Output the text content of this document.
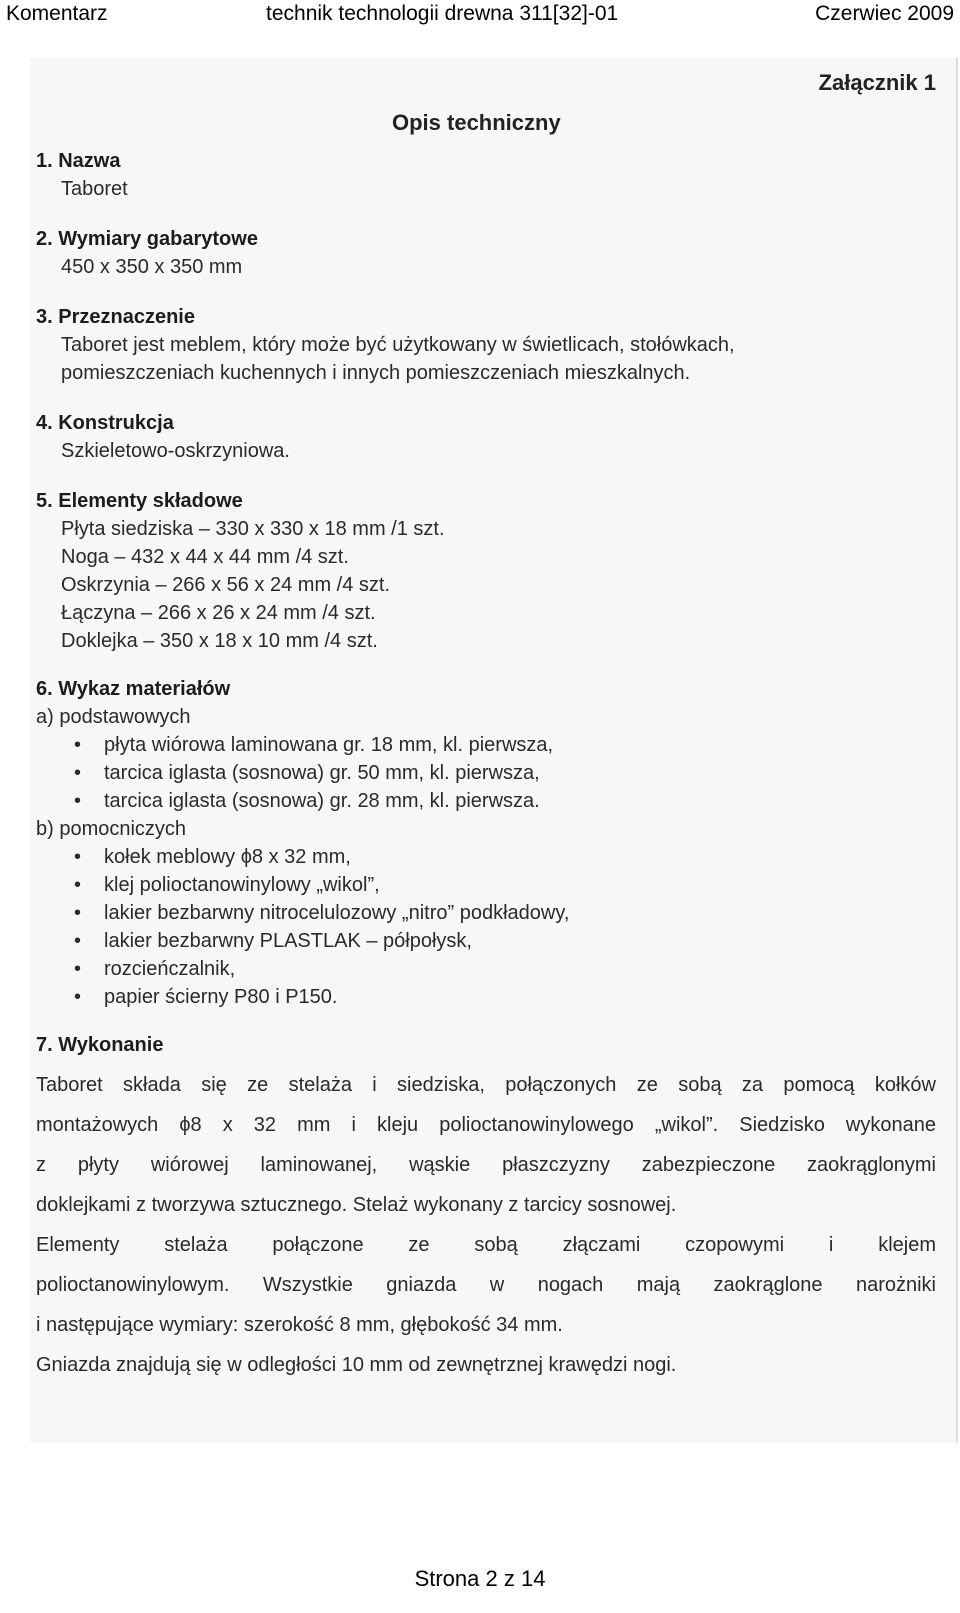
Komentarz	technik technologii drewna 311[32]-01	Czerwiec 2009
Załącznik 1
Opis techniczny
1. Nazwa
Taboret
2. Wymiary gabarytowe
450 x 350 x 350 mm
3. Przeznaczenie
Taboret jest meblem, który może być użytkowany w świetlicach, stołówkach,
pomieszczeniach kuchennych i innych pomieszczeniach mieszkalnych.
4. Konstrukcja
Szkieletowo-oskrzyniowa.
5. Elementy składowe
Płyta siedziska – 330 x 330 x 18 mm /1 szt.
Noga – 432 x 44 x 44 mm /4 szt.
Oskrzynia – 266 x 56 x 24 mm /4 szt.
Łączyna – 266 x 26 x 24 mm /4 szt.
Doklejka – 350 x 18 x 10 mm /4 szt.
6. Wykaz materiałów
a) podstawowych
• płyta wiórowa laminowana gr. 18 mm, kl. pierwsza,
• tarcica iglasta (sosnowa) gr. 50 mm, kl. pierwsza,
• tarcica iglasta (sosnowa) gr. 28 mm, kl. pierwsza.
b) pomocniczych
• kołek meblowy ϕ8 x 32 mm,
• klej polioctanowinylowy „wikol”,
• lakier bezbarwny nitrocelulozowy „nitro” podkładowy,
• lakier bezbarwny PLASTLAK – półpołysk,
• rozcieńczalnik,
• papier ścierny P80 i P150.
7. Wykonanie

Taboret składa się ze stelaża i siedziska, połączonych ze sobą za pomocą kołków

montażowych ϕ8 x 32 mm i kleju polioctanowinylowego „wikol”. Siedzisko wykonane

z płyty wiórowej laminowanej, wąskie płaszczyzny zabezpieczone zaokrąglonymi

doklejkami z tworzywa sztucznego. Stelaż wykonany z tarcicy sosnowej.

Elementy stelaża połączone ze sobą złączami czopowymi i klejem

polioctanowinylowym. Wszystkie gniazda w nogach mają zaokrąglone narożniki

i następujące wymiary: szerokość 8 mm, głębokość 34 mm.

Gniazda znajdują się w odległości 10 mm od zewnętrznej krawędzi nogi.

Strona 2 z 14
